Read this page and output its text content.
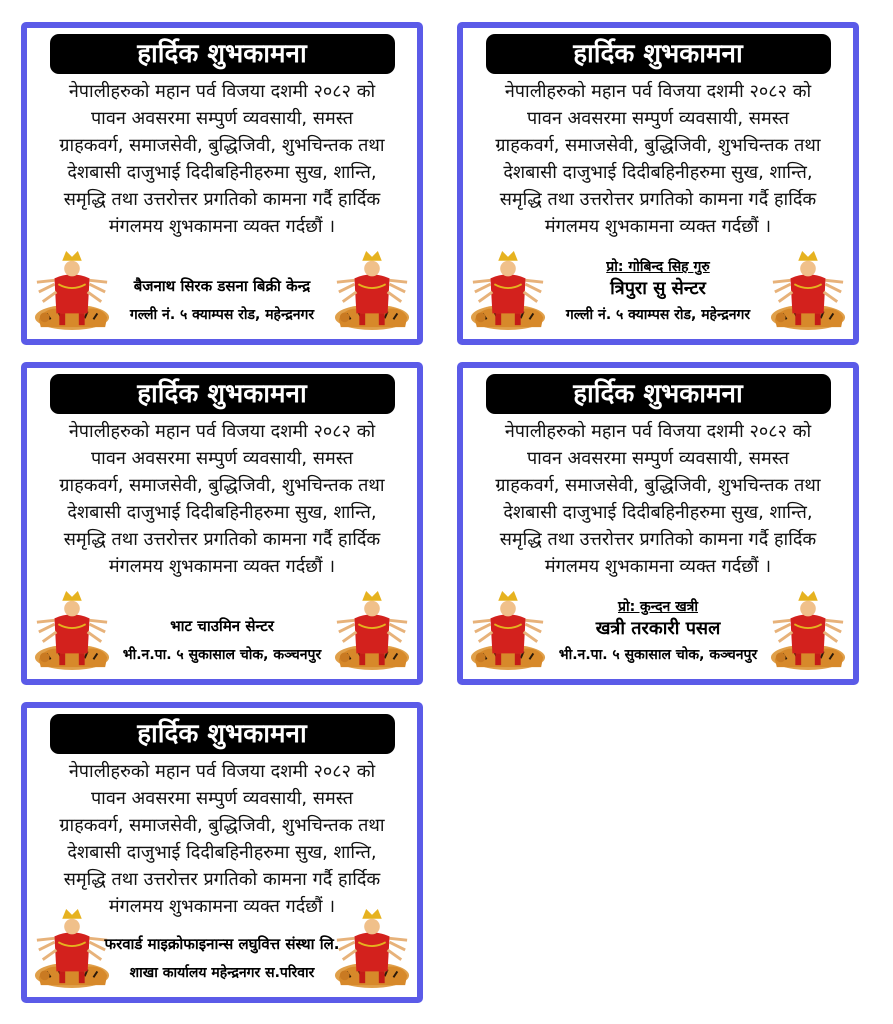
हार्दिक शुभकामना
नेपालीहरुको महान पर्व विजया दशमी २०८२ को
पावन अवसरमा सम्पुर्ण व्यवसायी, समस्त
ग्राहकवर्ग, समाजसेवी, बुद्धिजिवी, शुभचिन्तक तथा
देशबासी दाजुभाई दिदीबहिनीहरुमा सुख, शान्ति,
समृद्धि तथा उत्तरोत्तर प्रगतिको कामना गर्दै हार्दिक
मंगलमय शुभकामना व्यक्त गर्दछौं ।
बैजनाथ सिरक डसना बिक्री केन्द्र
गल्ली नं. ५ क्याम्पस रोड, महेन्द्रनगर
हार्दिक शुभकामना
नेपालीहरुको महान पर्व विजया दशमी २०८२ को
पावन अवसरमा सम्पुर्ण व्यवसायी, समस्त
ग्राहकवर्ग, समाजसेवी, बुद्धिजिवी, शुभचिन्तक तथा
देशबासी दाजुभाई दिदीबहिनीहरुमा सुख, शान्ति,
समृद्धि तथा उत्तरोत्तर प्रगतिको कामना गर्दै हार्दिक
मंगलमय शुभकामना व्यक्त गर्दछौं ।
प्रो: गोबिन्द सिह गुरु
त्रिपुरा सु सेन्टर
गल्ली नं. ५ क्याम्पस रोड, महेन्द्रनगर
हार्दिक शुभकामना
नेपालीहरुको महान पर्व विजया दशमी २०८२ को
पावन अवसरमा सम्पुर्ण व्यवसायी, समस्त
ग्राहकवर्ग, समाजसेवी, बुद्धिजिवी, शुभचिन्तक तथा
देशबासी दाजुभाई दिदीबहिनीहरुमा सुख, शान्ति,
समृद्धि तथा उत्तरोत्तर प्रगतिको कामना गर्दै हार्दिक
मंगलमय शुभकामना व्यक्त गर्दछौं ।
भाट चाउमिन सेन्टर
भी.न.पा. ५ सुकासाल चोक, कञ्चनपुर
हार्दिक शुभकामना
नेपालीहरुको महान पर्व विजया दशमी २०८२ को
पावन अवसरमा सम्पुर्ण व्यवसायी, समस्त
ग्राहकवर्ग, समाजसेवी, बुद्धिजिवी, शुभचिन्तक तथा
देशबासी दाजुभाई दिदीबहिनीहरुमा सुख, शान्ति,
समृद्धि तथा उत्तरोत्तर प्रगतिको कामना गर्दै हार्दिक
मंगलमय शुभकामना व्यक्त गर्दछौं ।
प्रो: कुन्दन खत्री
खत्री तरकारी पसल
भी.न.पा. ५ सुकासाल चोक, कञ्चनपुर
हार्दिक शुभकामना
नेपालीहरुको महान पर्व विजया दशमी २०८२ को
पावन अवसरमा सम्पुर्ण व्यवसायी, समस्त
ग्राहकवर्ग, समाजसेवी, बुद्धिजिवी, शुभचिन्तक तथा
देशबासी दाजुभाई दिदीबहिनीहरुमा सुख, शान्ति,
समृद्धि तथा उत्तरोत्तर प्रगतिको कामना गर्दै हार्दिक
मंगलमय शुभकामना व्यक्त गर्दछौं ।
फरवार्ड माइक्रोफाइनान्स लघुवित्त संस्था लि.
शाखा कार्यालय महेन्द्रनगर स.परिवार
